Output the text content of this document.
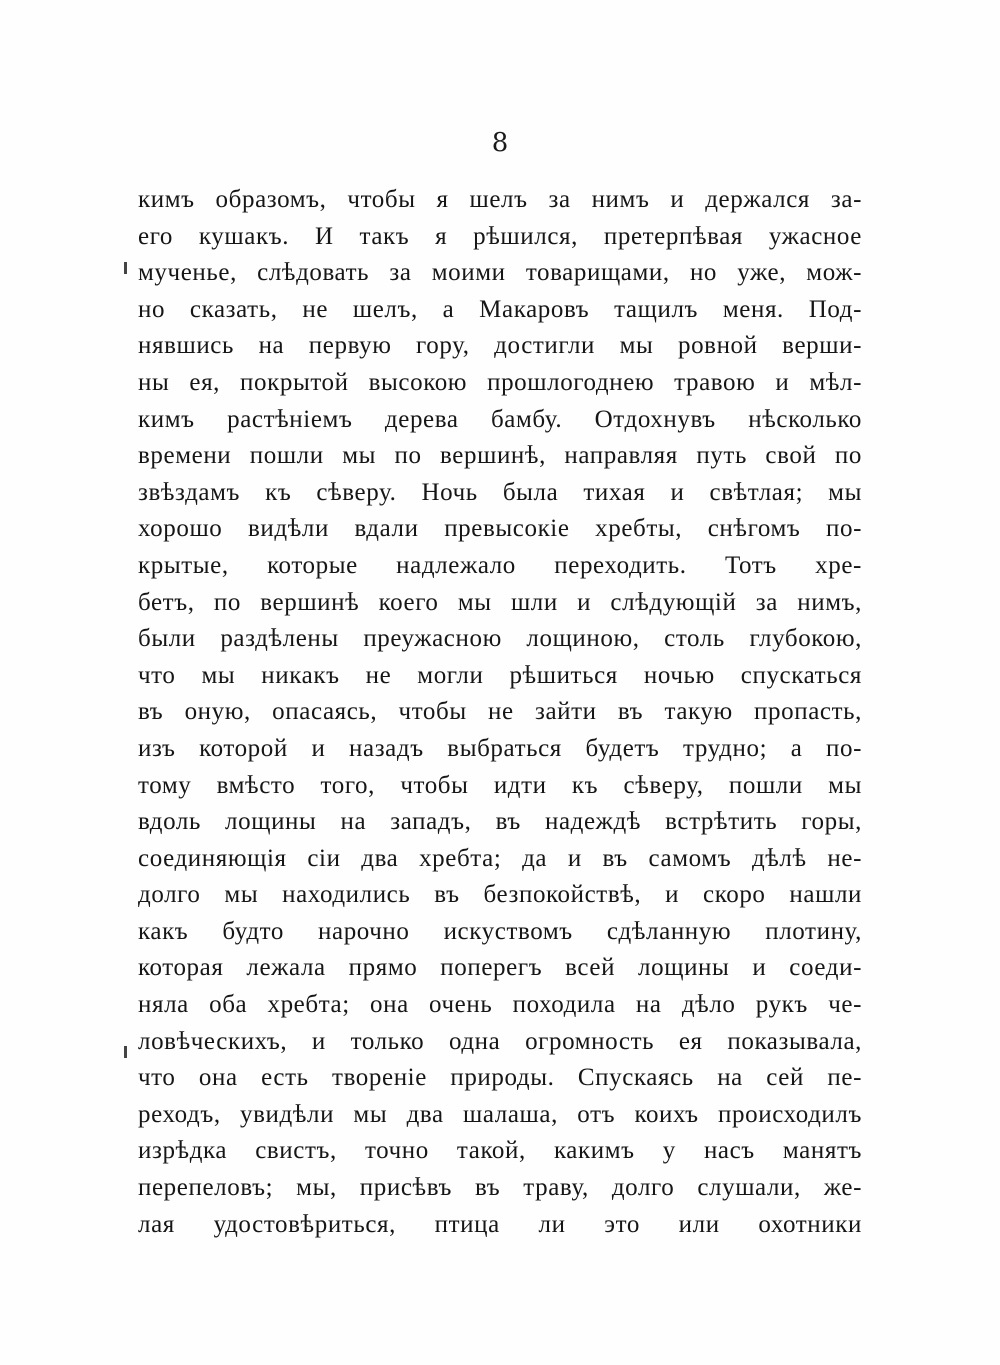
8
кимъ образомъ, чтобы я шелъ за нимъ и держался за-
его кушакъ. И такъ я рѣшился, претерпѣвая ужасное
мученье, слѣдовать за моими товарищами, но уже, мож-
но сказать, не шелъ, а Макаровъ тащилъ меня. Под-
нявшись на первую гору, достигли мы ровной верши-
ны ея, покрытой высокою прошлогоднею травою и мѣл-
кимъ растѣніемъ дерева бамбу. Отдохнувъ нѣсколько
времени пошли мы по вершинѣ, направляя путь свой по
звѣздамъ къ сѣверу. Ночь была тихая и свѣтлая; мы
хорошо видѣли вдали превысокіе хребты, снѣгомъ по-
крытые, которые надлежало переходить. Тотъ хре-
бетъ, по вершинѣ коего мы шли и слѣдующій за нимъ,
были раздѣлены преужасною лощиною, столь глубокою,
что мы никакъ не могли рѣшиться ночью спускаться
въ оную, опасаясь, чтобы не зайти въ такую пропасть,
изъ которой и назадъ выбраться будетъ трудно; а по-
тому вмѣсто того, чтобы идти къ сѣверу, пошли мы
вдоль лощины на западъ, въ надеждѣ встрѣтить горы,
соединяющія сіи два хребта; да и въ самомъ дѣлѣ не-
долго мы находились въ безпокойствѣ, и скоро нашли
какъ будто нарочно искуствомъ сдѣланную плотину,
которая лежала прямо поперегъ всей лощины и соеди-
няла оба хребта; она очень походила на дѣло рукъ че-
ловѣческихъ, и только одна огромность ея показывала,
что она есть твореніе природы. Спускаясь на сей пе-
реходъ, увидѣли мы два шалаша, отъ коихъ происходилъ
изрѣдка свистъ, точно такой, какимъ у насъ манятъ
перепеловъ; мы, присѣвъ въ траву, долго слушали, же-
лая удостовѣриться, птица ли это или охотники
